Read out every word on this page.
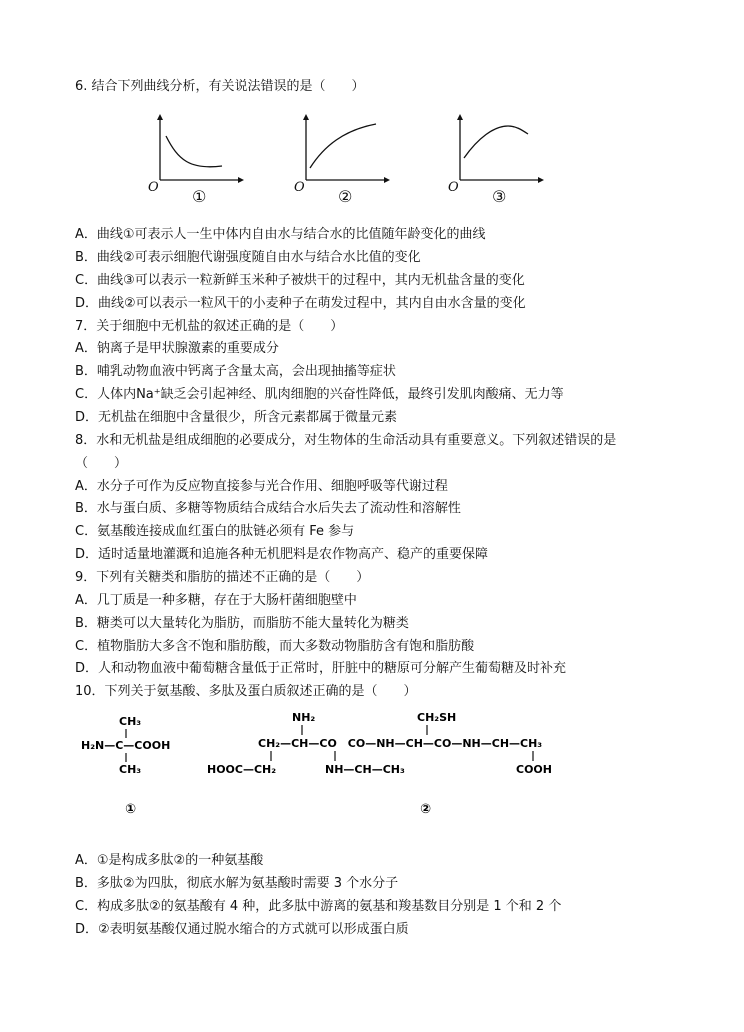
6. 结合下列曲线分析，有关说法错误的是（　　）
O ①	O ②	O ③
A．曲线①可表示人一生中体内自由水与结合水的比值随年龄变化的曲线
B．曲线②可表示细胞代谢强度随自由水与结合水比值的变化
C．曲线③可以表示一粒新鲜玉米种子被烘干的过程中，其内无机盐含量的变化
D．曲线②可以表示一粒风干的小麦种子在萌发过程中，其内自由水含量的变化
7．关于细胞中无机盐的叙述正确的是（　　）
A．钠离子是甲状腺激素的重要成分
B．哺乳动物血液中钙离子含量太高，会出现抽搐等症状
C．人体内Na⁺缺乏会引起神经、肌肉细胞的兴奋性降低，最终引发肌肉酸痛、无力等
D．无机盐在细胞中含量很少，所含元素都属于微量元素
8．水和无机盐是组成细胞的必要成分，对生物体的生命活动具有重要意义。下列叙述错误的是
（　　）
A．水分子可作为反应物直接参与光合作用、细胞呼吸等代谢过程
B．水与蛋白质、多糖等物质结合成结合水后失去了流动性和溶解性
C．氨基酸连接成血红蛋白的肽链必须有 Fe 参与
D．适时适量地灌溉和追施各种无机肥料是农作物高产、稳产的重要保障
9．下列有关糖类和脂肪的描述不正确的是（　　）
A．几丁质是一种多糖，存在于大肠杆菌细胞壁中
B．糖类可以大量转化为脂肪，而脂肪不能大量转化为糖类
C．植物脂肪大多含不饱和脂肪酸，而大多数动物脂肪含有饱和脂肪酸
D．人和动物血液中葡萄糖含量低于正常时，肝脏中的糖原可分解产生葡萄糖及时补充
10．下列关于氨基酸、多肽及蛋白质叙述正确的是（　　）
CH₃
H₂N—C—COOH
CH₃
①
NH₂	CH₂SH
CH₂—CH—CO　CO—NH—CH—CO—NH—CH—CH₃
HOOC—CH₂	NH—CH—CH₃	COOH
②
A．①是构成多肽②的一种氨基酸
B．多肽②为四肽，彻底水解为氨基酸时需要 3 个水分子
C．构成多肽②的氨基酸有 4 种，此多肽中游离的氨基和羧基数目分别是 1 个和 2 个
D．②表明氨基酸仅通过脱水缩合的方式就可以形成蛋白质
